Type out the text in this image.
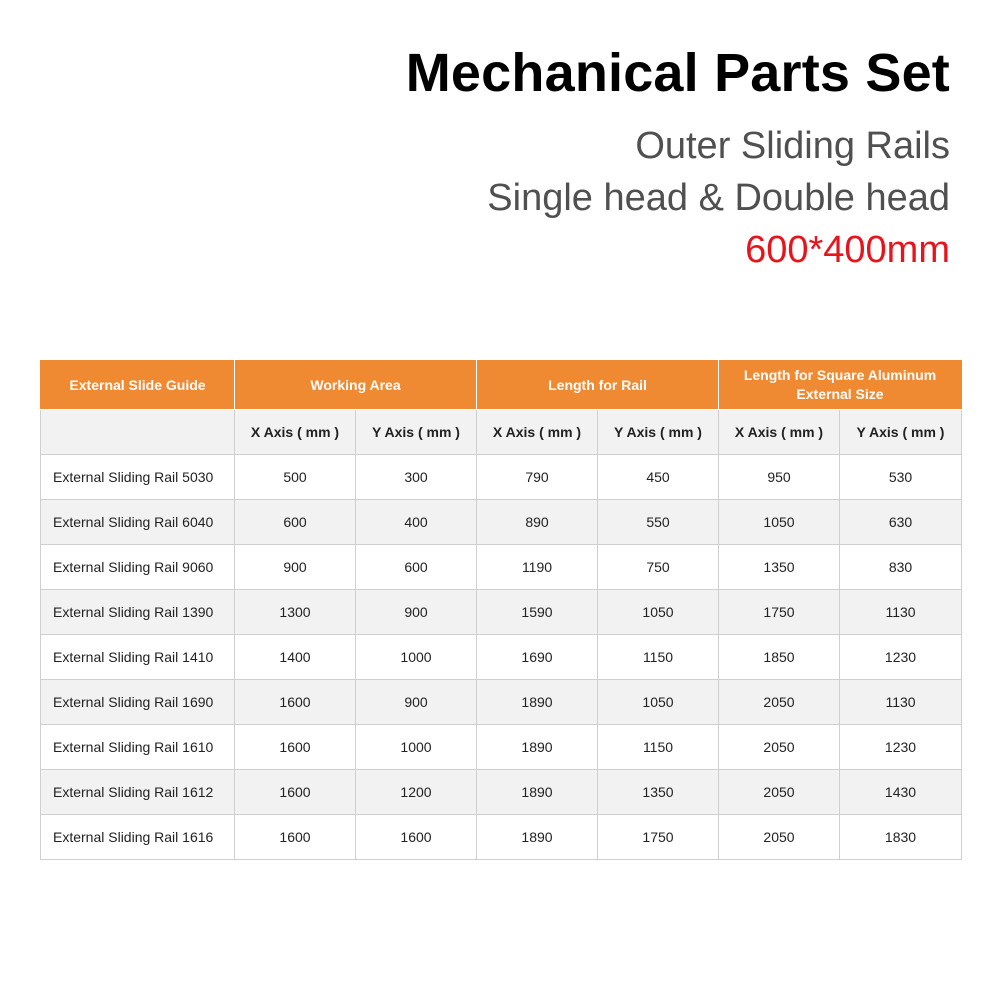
Mechanical Parts Set
Outer Sliding Rails
Single head & Double head
600*400mm
External Slide Guide	Working Area		Length for Rail		Length for Square Aluminum External Size	
	X Axis ( mm )	Y Axis ( mm )	X Axis ( mm )	Y Axis ( mm )	X Axis ( mm )	Y Axis ( mm )
External Sliding Rail 5030	500	300	790	450	950	530
External Sliding Rail 6040	600	400	890	550	1050	630
External Sliding Rail 9060	900	600	1190	750	1350	830
External Sliding Rail 1390	1300	900	1590	1050	1750	1130
External Sliding Rail 1410	1400	1000	1690	1150	1850	1230
External Sliding Rail 1690	1600	900	1890	1050	2050	1130
External Sliding Rail 1610	1600	1000	1890	1150	2050	1230
External Sliding Rail 1612	1600	1200	1890	1350	2050	1430
External Sliding Rail 1616	1600	1600	1890	1750	2050	1830
